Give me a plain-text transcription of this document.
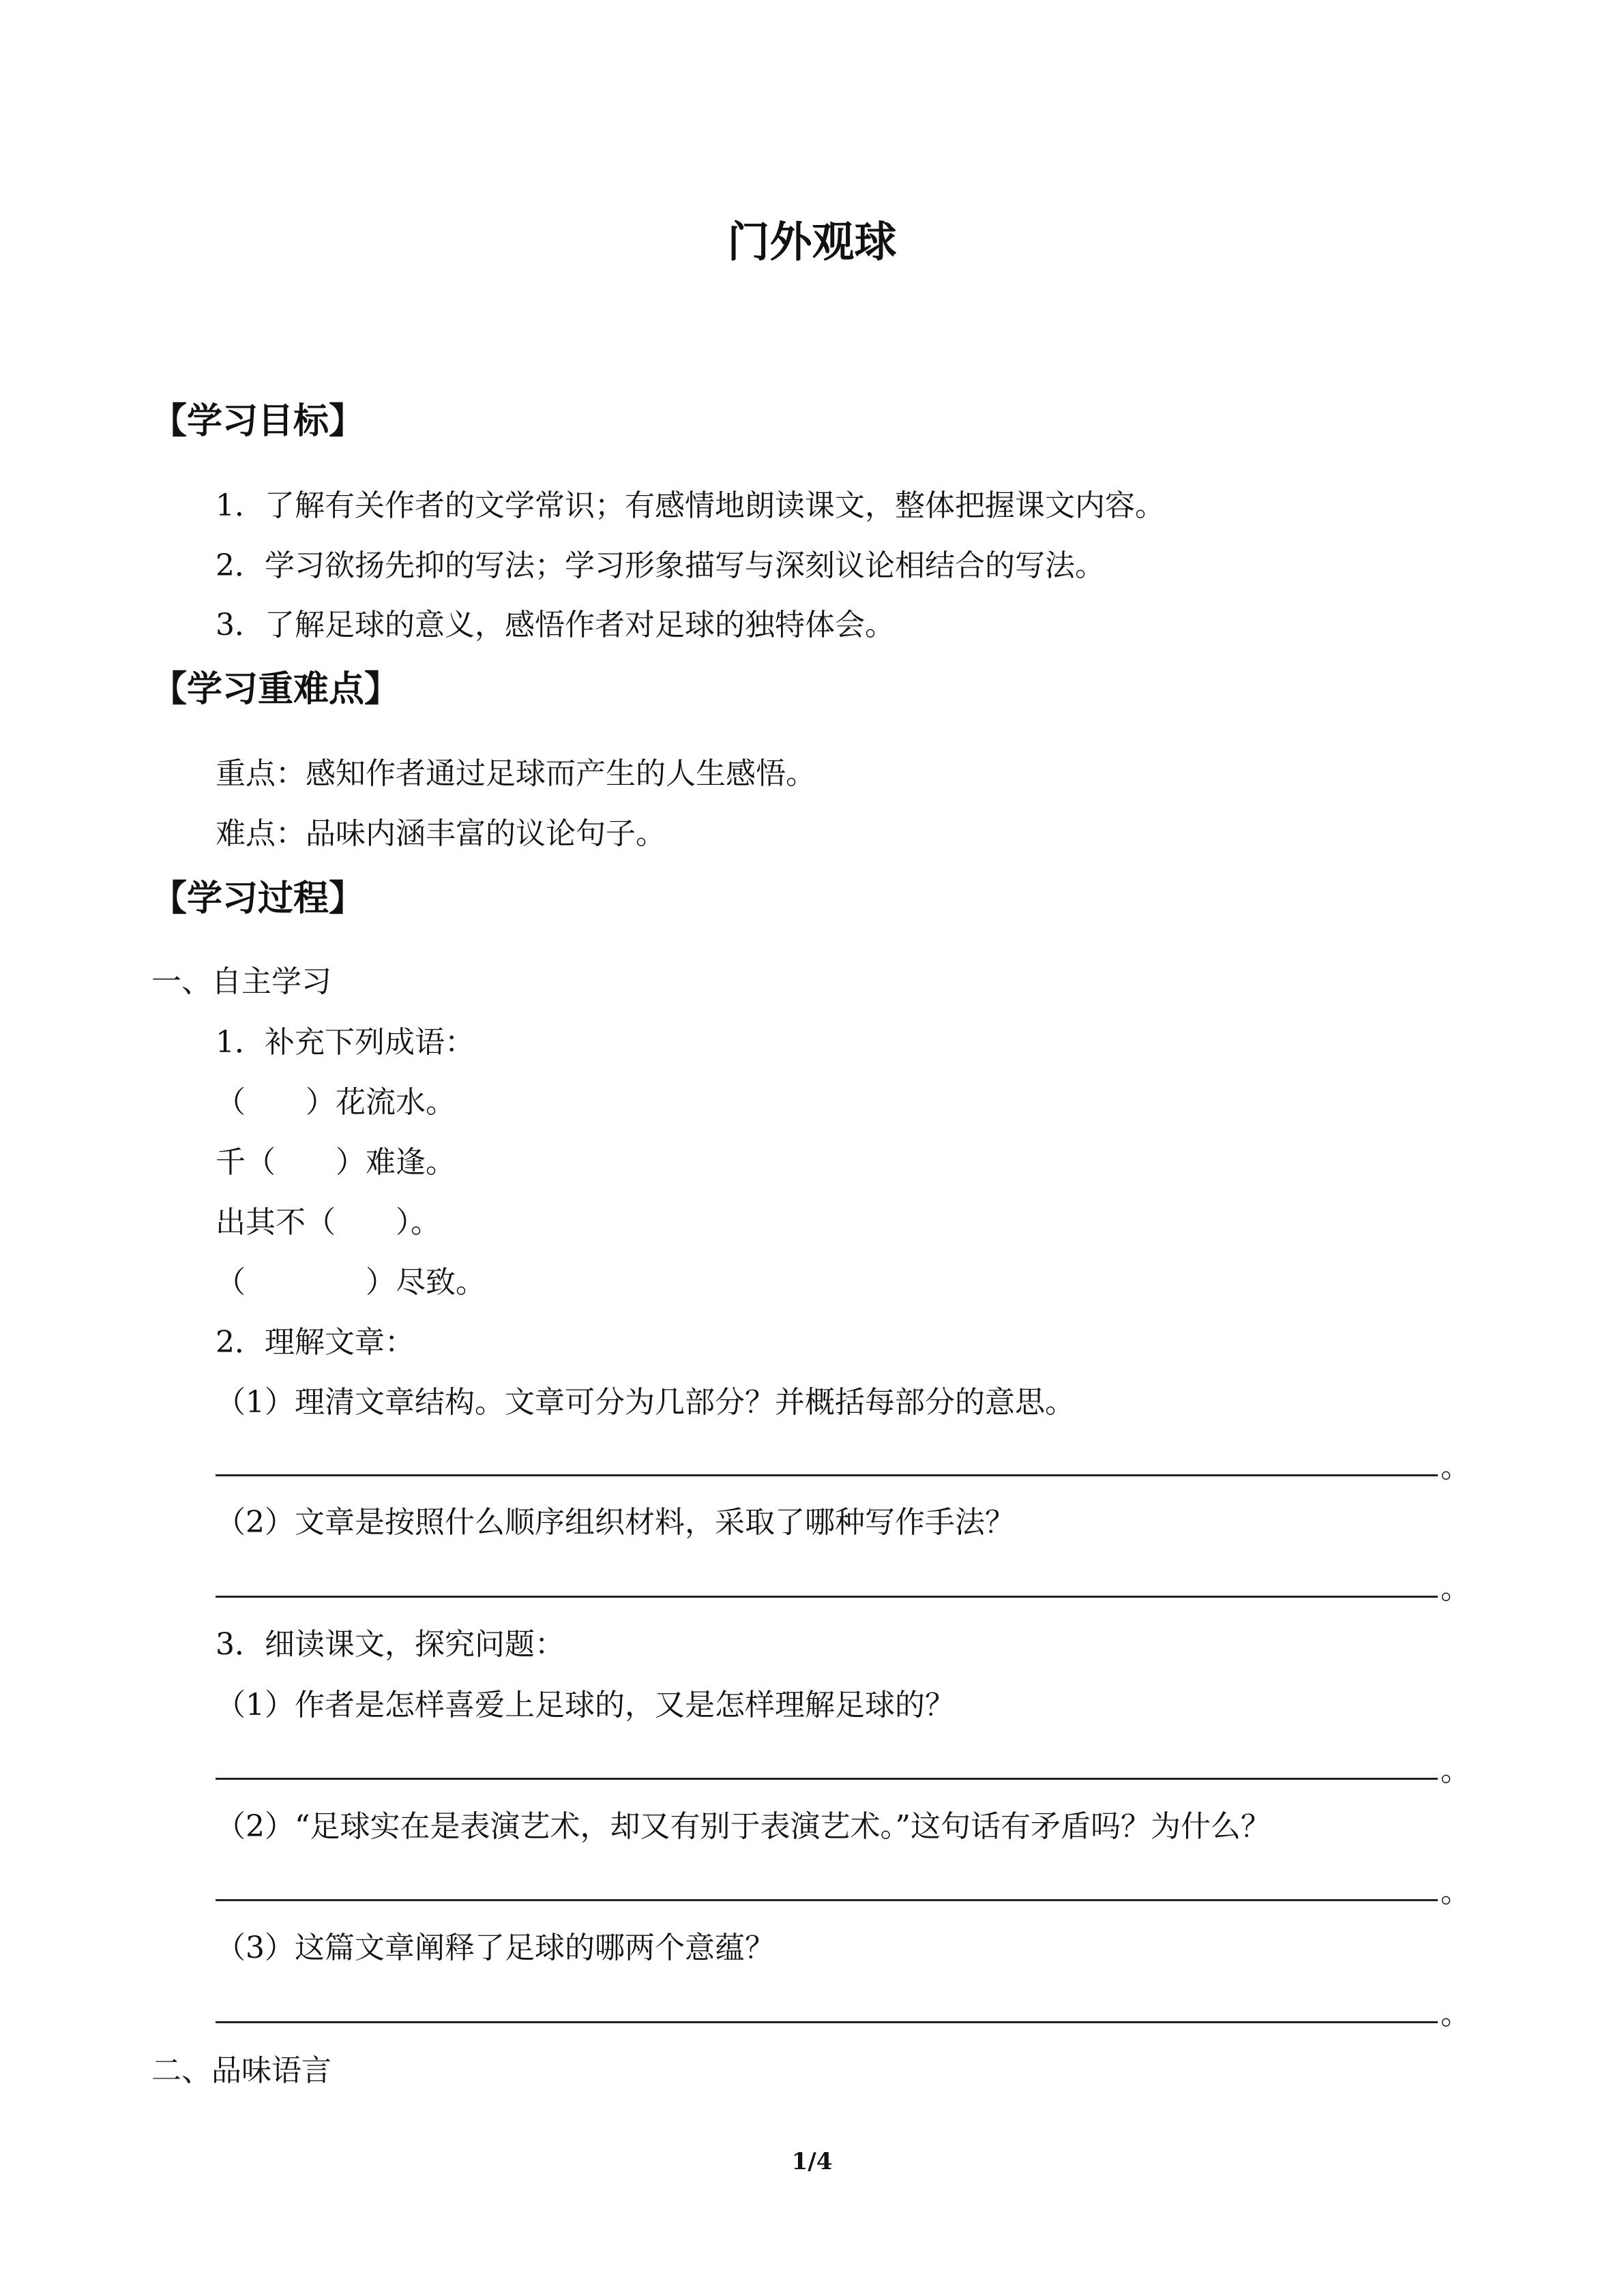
门外观球
【学习目标】
1．了解有关作者的文学常识；有感情地朗读课文，整体把握课文内容。
2．学习欲扬先抑的写法；学习形象描写与深刻议论相结合的写法。
3．了解足球的意义，感悟作者对足球的独特体会。
【学习重难点】
重点：感知作者通过足球而产生的人生感悟。
难点：品味内涵丰富的议论句子。
【学习过程】
一、自主学习
1．补充下列成语：
（　　）花流水。
千（　　）难逢。
出其不（　　）。
（　　　　）尽致。
2．理解文章：
（1）理清文章结构。文章可分为几部分？并概括每部分的意思。
。
（2）文章是按照什么顺序组织材料，采取了哪种写作手法？
。
3．细读课文，探究问题：
（1）作者是怎样喜爱上足球的，又是怎样理解足球的？
。
（2）“足球实在是表演艺术，却又有别于表演艺术。”这句话有矛盾吗？为什么？
。
（3）这篇文章阐释了足球的哪两个意蕴？
。
二、品味语言
1/4
